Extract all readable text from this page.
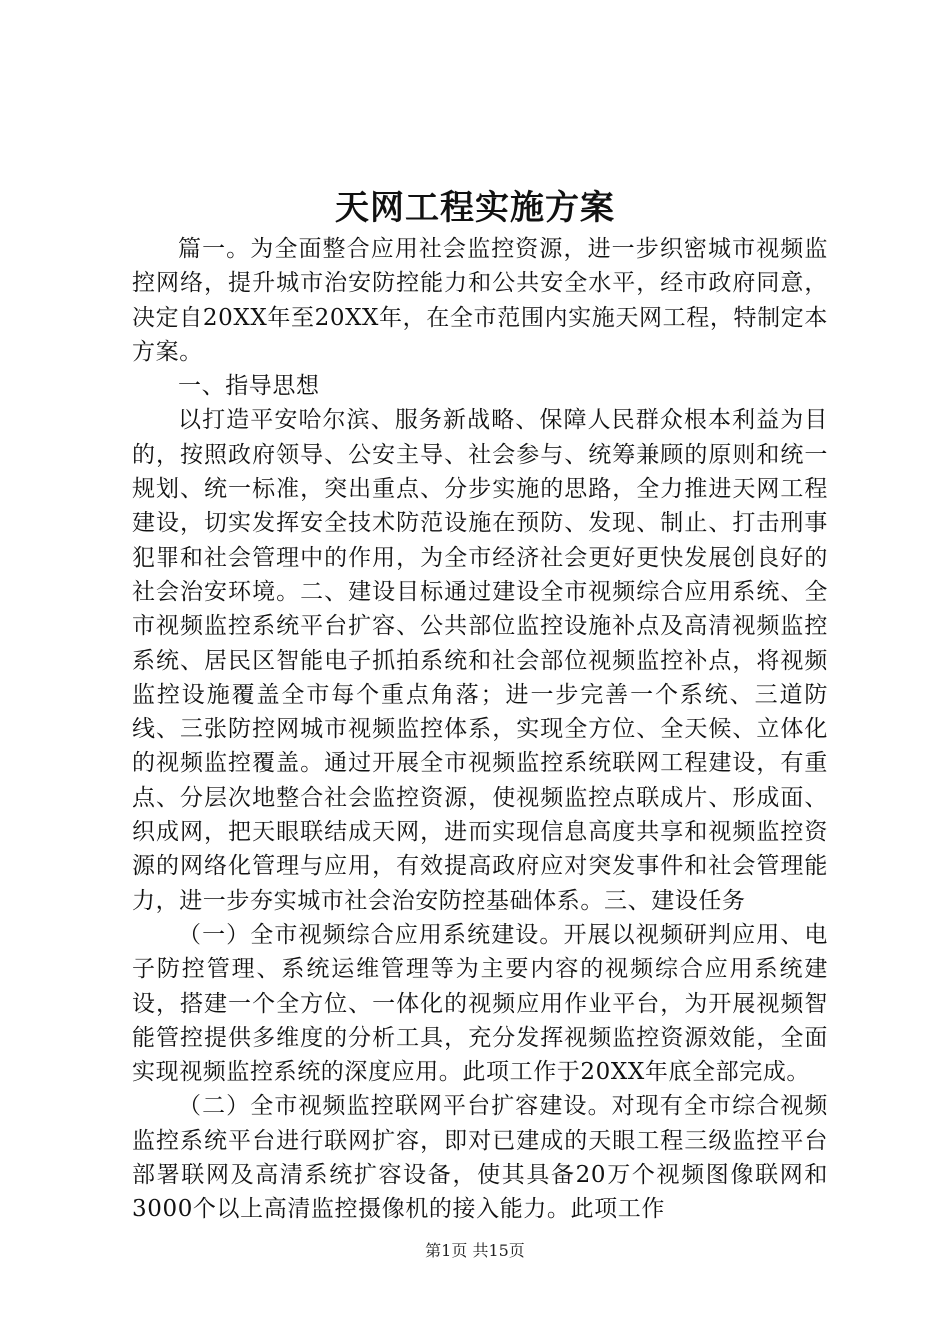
天网工程实施方案

篇一。为全面整合应用社会监控资源，进一步织密城市视频监控网络，提升城市治安防控能力和公共安全水平，经市政府同意，决定自20XX年至20XX年，在全市范围内实施天网工程，特制定本方案。

一、指导思想

以打造平安哈尔滨、服务新战略、保障人民群众根本利益为目的，按照政府领导、公安主导、社会参与、统筹兼顾的原则和统一规划、统一标准，突出重点、分步实施的思路，全力推进天网工程建设，切实发挥安全技术防范设施在预防、发现、制止、打击刑事犯罪和社会管理中的作用，为全市经济社会更好更快发展创良好的社会治安环境。二、建设目标通过建设全市视频综合应用系统、全市视频监控系统平台扩容、公共部位监控设施补点及高清视频监控系统、居民区智能电子抓拍系统和社会部位视频监控补点，将视频监控设施覆盖全市每个重点角落；进一步完善一个系统、三道防线、三张防控网城市视频监控体系，实现全方位、全天候、立体化的视频监控覆盖。通过开展全市视频监控系统联网工程建设，有重点、分层次地整合社会监控资源，使视频监控点联成片、形成面、织成网，把天眼联结成天网，进而实现信息高度共享和视频监控资源的网络化管理与应用，有效提高政府应对突发事件和社会管理能力，进一步夯实城市社会治安防控基础体系。三、建设任务

（一）全市视频综合应用系统建设。开展以视频研判应用、电子防控管理、系统运维管理等为主要内容的视频综合应用系统建设，搭建一个全方位、一体化的视频应用作业平台，为开展视频智能管控提供多维度的分析工具，充分发挥视频监控资源效能，全面实现视频监控系统的深度应用。此项工作于20XX年底全部完成。

（二）全市视频监控联网平台扩容建设。对现有全市综合视频监控系统平台进行联网扩容，即对已建成的天眼工程三级监控平台部署联网及高清系统扩容设备，使其具备20万个视频图像联网和3000个以上高清监控摄像机的接入能力。此项工作

第1页 共15页
